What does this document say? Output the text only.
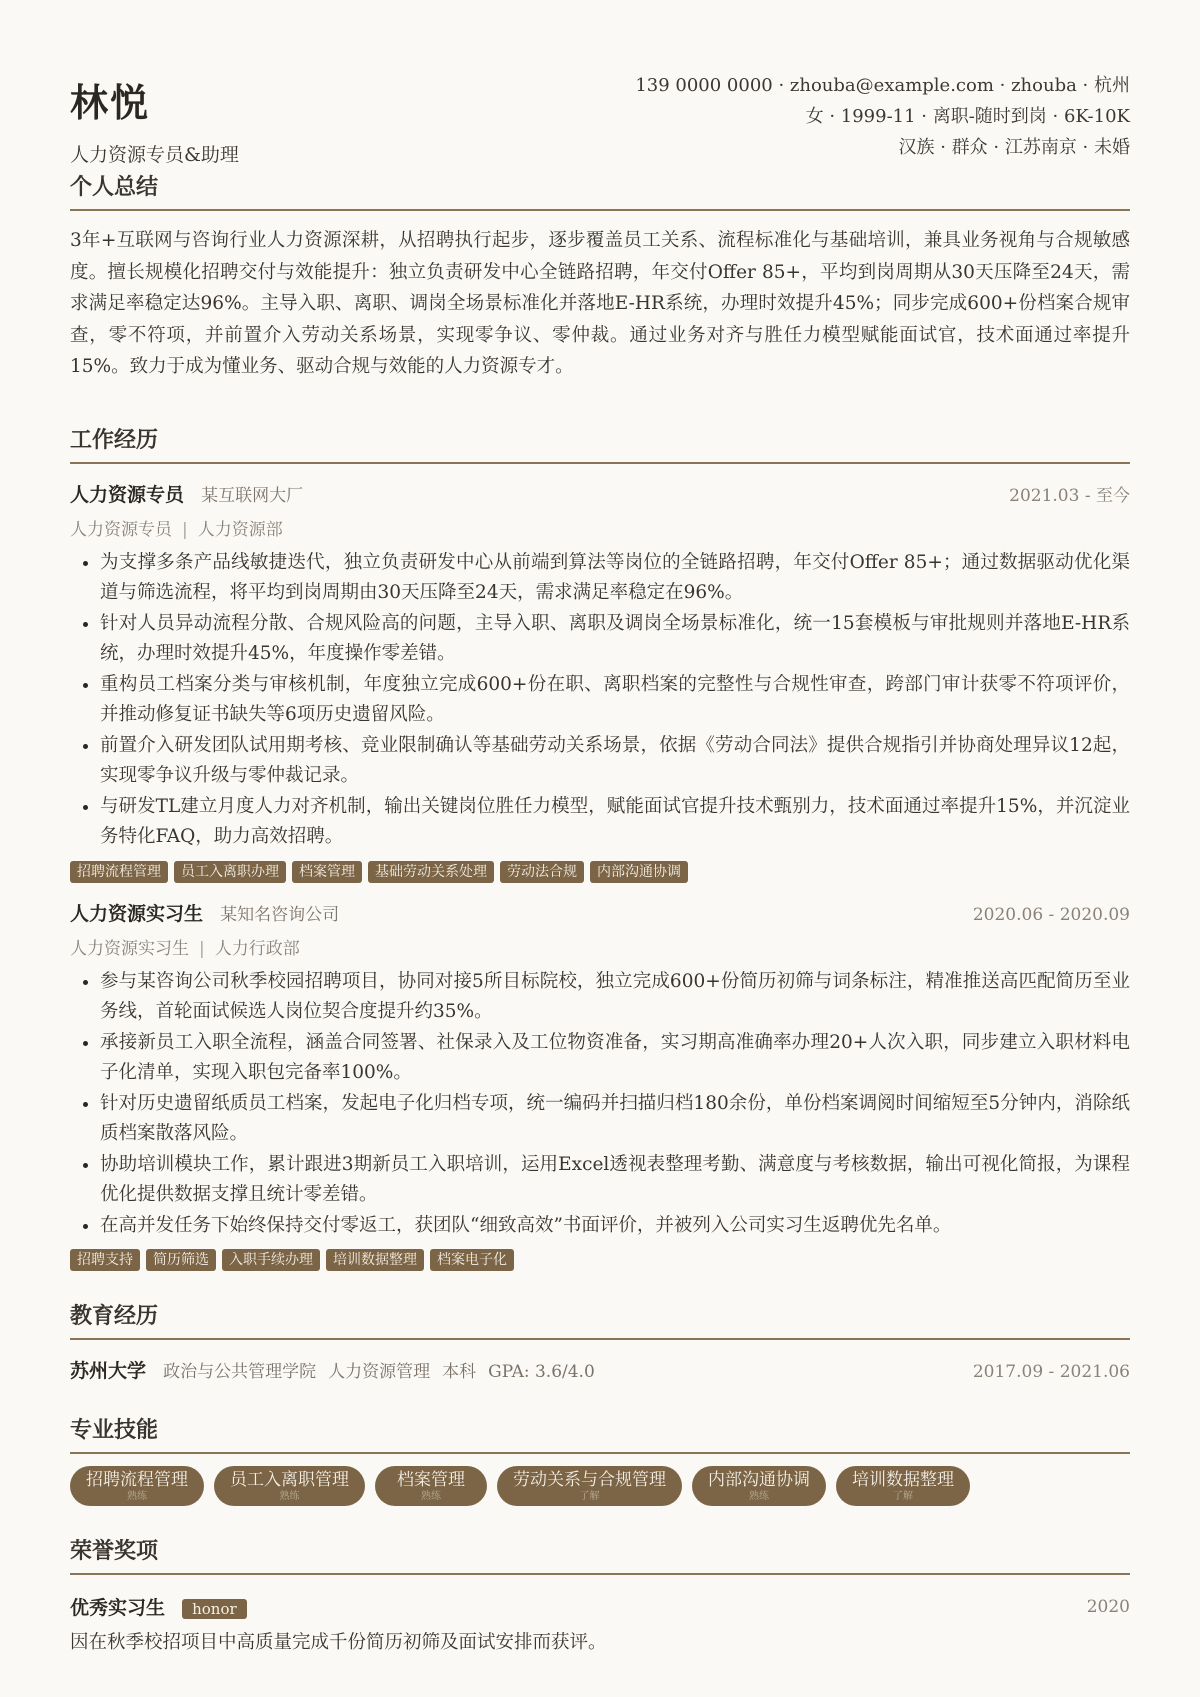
林悦
人力资源专员&助理
139 0000 0000 · zhouba@example.com · zhouba · 杭州
女 · 1999-11 · 离职-随时到岗 · 6K-10K
汉族 · 群众 · 江苏南京 · 未婚
个人总结
3年+互联网与咨询行业人力资源深耕，从招聘执行起步，逐步覆盖员工关系、流程标准化与基础培训，兼具业务视角与合规敏感度。擅长规模化招聘交付与效能提升：独立负责研发中心全链路招聘，年交付Offer 85+，平均到岗周期从30天压降至24天，需求满足率稳定达96%。主导入职、离职、调岗全场景标准化并落地E-HR系统，办理时效提升45%；同步完成600+份档案合规审查，零不符项，并前置介入劳动关系场景，实现零争议、零仲裁。通过业务对齐与胜任力模型赋能面试官，技术面通过率提升15%。致力于成为懂业务、驱动合规与效能的人力资源专才。
工作经历
人力资源专员 某互联网大厂	2021.03 - 至今
人力资源专员 | 人力资源部
• 为支撑多条产品线敏捷迭代，独立负责研发中心从前端到算法等岗位的全链路招聘，年交付Offer 85+；通过数据驱动优化渠道与筛选流程，将平均到岗周期由30天压降至24天，需求满足率稳定在96%。
• 针对人员异动流程分散、合规风险高的问题，主导入职、离职及调岗全场景标准化，统一15套模板与审批规则并落地E-HR系统，办理时效提升45%，年度操作零差错。
• 重构员工档案分类与审核机制，年度独立完成600+份在职、离职档案的完整性与合规性审查，跨部门审计获零不符项评价，并推动修复证书缺失等6项历史遗留风险。
• 前置介入研发团队试用期考核、竞业限制确认等基础劳动关系场景，依据《劳动合同法》提供合规指引并协商处理异议12起，实现零争议升级与零仲裁记录。
• 与研发TL建立月度人力对齐机制，输出关键岗位胜任力模型，赋能面试官提升技术甄别力，技术面通过率提升15%，并沉淀业务特化FAQ，助力高效招聘。
招聘流程管理	员工入离职办理	档案管理	基础劳动关系处理	劳动法合规	内部沟通协调
人力资源实习生 某知名咨询公司	2020.06 - 2020.09
人力资源实习生 | 人力行政部
• 参与某咨询公司秋季校园招聘项目，协同对接5所目标院校，独立完成600+份简历初筛与词条标注，精准推送高匹配简历至业务线，首轮面试候选人岗位契合度提升约35%。
• 承接新员工入职全流程，涵盖合同签署、社保录入及工位物资准备，实习期高准确率办理20+人次入职，同步建立入职材料电子化清单，实现入职包完备率100%。
• 针对历史遗留纸质员工档案，发起电子化归档专项，统一编码并扫描归档180余份，单份档案调阅时间缩短至5分钟内，消除纸质档案散落风险。
• 协助培训模块工作，累计跟进3期新员工入职培训，运用Excel透视表整理考勤、满意度与考核数据，输出可视化简报，为课程优化提供数据支撑且统计零差错。
• 在高并发任务下始终保持交付零返工，获团队“细致高效”书面评价，并被列入公司实习生返聘优先名单。
招聘支持	简历筛选	入职手续办理	培训数据整理	档案电子化
教育经历
苏州大学 政治与公共管理学院 人力资源管理 本科 GPA: 3.6/4.0	2017.09 - 2021.06
专业技能
招聘流程管理
熟练
员工入离职管理
熟练
档案管理
熟练
劳动关系与合规管理
了解
内部沟通协调
熟练
培训数据整理
了解
荣誉奖项
优秀实习生 honor	2020
因在秋季校招项目中高质量完成千份简历初筛及面试安排而获评。
